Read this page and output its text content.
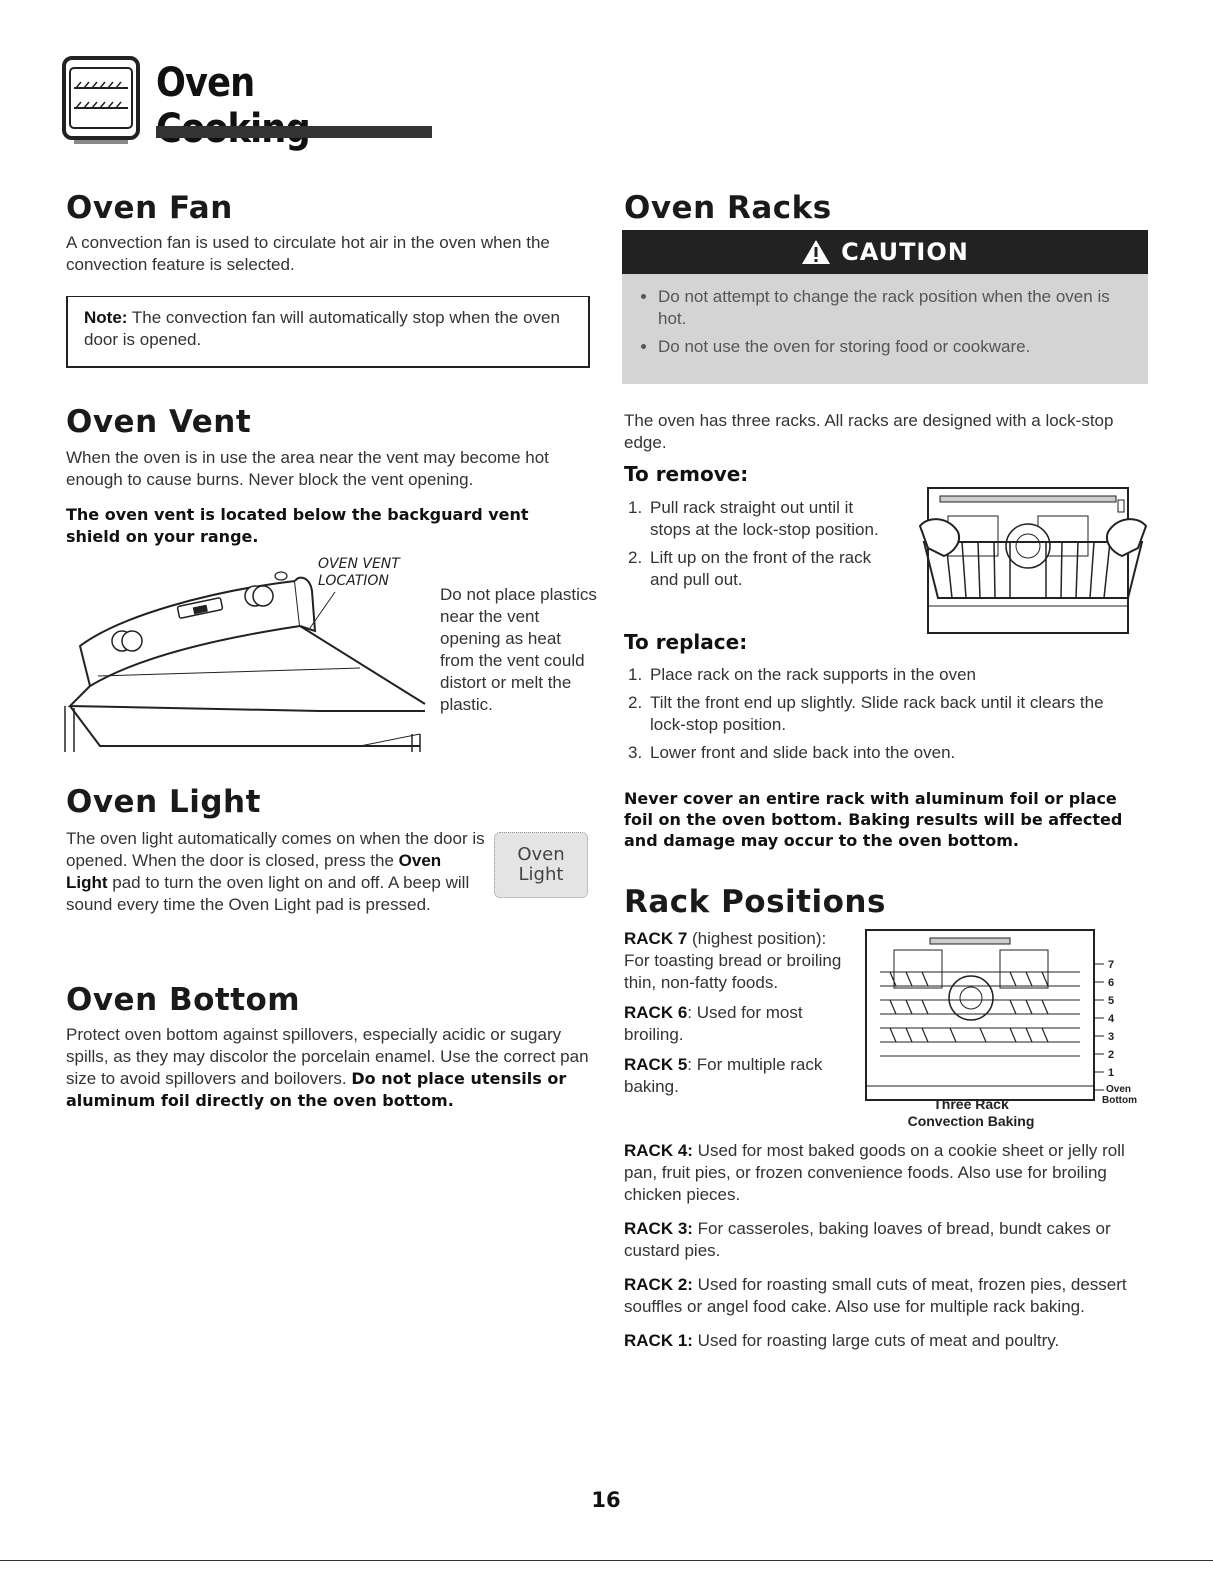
Oven
Oven Fan

A convection fan is used to circulate hot air in the oven when the convection feature is selected.

Note: The convection fan will automatically stop when the oven door is opened.

Oven Vent

When the oven is in use the area near the vent may become hot enough to cause burns. Never block the vent opening.

The oven vent is located below the backguard vent shield on your range.

OVEN VENT
LOCATION

Do not place plastics near the vent opening as heat from the vent could distort or melt the plastic.

Oven Light

The oven light automatically comes on when the door is opened. When the door is closed, press the Oven Light pad to turn the oven light on and off. A beep will sound every time the Oven Light pad is pressed.

Oven
Light
Oven Bottom

Protect oven bottom against spillovers, especially acidic or sugary spills, as they may discolor the porcelain enamel. Use the correct pan size to avoid spillovers and boilovers. Do not place utensils or aluminum foil directly on the oven bottom.

Oven Racks
CAUTION
• Do not attempt to change the rack position when the oven is hot.
• Do not use the oven for storing food or cookware.

The oven has three racks. All racks are designed with a lock-stop edge.

To remove:
1. Pull rack straight out until it stops at the lock-stop position.
2. Lift up on the front of the rack and pull out.
To replace:
1. Place rack on the rack supports in the oven
2. Tilt the front end up slightly. Slide rack back until it clears the lock-stop position.
3. Lower front and slide back into the oven.

Never cover an entire rack with aluminum foil or place foil on the oven bottom. Baking results will be affected and damage may occur to the oven bottom.

Rack Positions

RACK 7 (highest position): For toasting bread or broiling thin, non-fatty foods.

RACK 6: Used for most broiling.

RACK 5: For multiple rack baking.

7
6
5
4
3
2
1
Oven
Bottom
Three Rack
Convection Baking

RACK 4: Used for most baked goods on a cookie sheet or jelly roll pan, fruit pies, or frozen convenience foods. Also use for broiling chicken pieces.

RACK 3: For casseroles, baking loaves of bread, bundt cakes or custard pies.

RACK 2: Used for roasting small cuts of meat, frozen pies, dessert souffles or angel food cake. Also use for multiple rack baking.

RACK 1: Used for roasting large cuts of meat and poultry.

16
